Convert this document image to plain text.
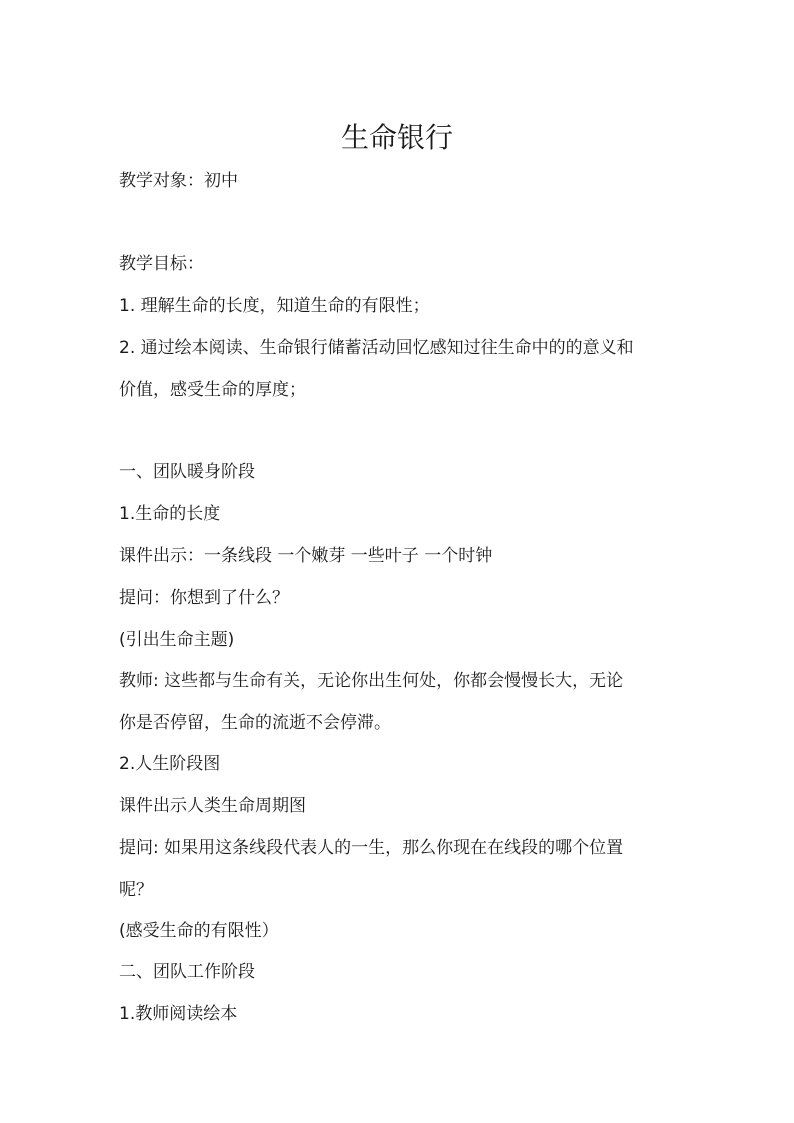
生命银行

教学对象：初中

教学目标：

1. 理解生命的长度，知道生命的有限性；

2. 通过绘本阅读、生命银行储蓄活动回忆感知过往生命中的的意义和

价值，感受生命的厚度；

一、团队暖身阶段

1.生命的长度

课件出示：一条线段 一个嫩芽 一些叶子 一个时钟

提问：你想到了什么？

(引出生命主题)

教师: 这些都与生命有关，无论你出生何处，你都会慢慢长大，无论

你是否停留，生命的流逝不会停滞。

2.人生阶段图

课件出示人类生命周期图

提问: 如果用这条线段代表人的一生，那么你现在在线段的哪个位置

呢？

(感受生命的有限性）

二、团队工作阶段

1.教师阅读绘本
